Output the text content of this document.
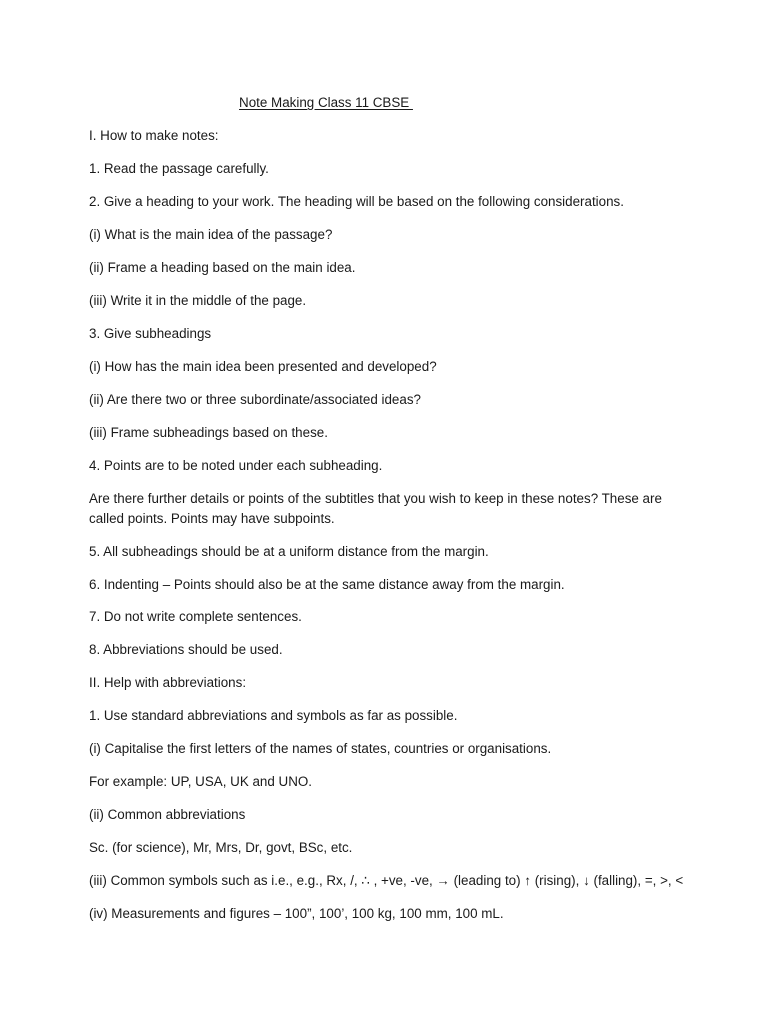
Note Making Class 11 CBSE
I. How to make notes:
1. Read the passage carefully.
2. Give a heading to your work. The heading will be based on the following considerations.
(i) What is the main idea of the passage?
(ii) Frame a heading based on the main idea.
(iii) Write it in the middle of the page.
3. Give subheadings
(i) How has the main idea been presented and developed?
(ii) Are there two or three subordinate/associated ideas?
(iii) Frame subheadings based on these.
4. Points are to be noted under each subheading.
Are there further details or points of the subtitles that you wish to keep in these notes? These are called points. Points may have subpoints.
5. All subheadings should be at a uniform distance from the margin.
6. Indenting – Points should also be at the same distance away from the margin.
7. Do not write complete sentences.
8. Abbreviations should be used.
II. Help with abbreviations:
1. Use standard abbreviations and symbols as far as possible.
(i) Capitalise the first letters of the names of states, countries or organisations.
For example: UP, USA, UK and UNO.
(ii) Common abbreviations
Sc. (for science), Mr, Mrs, Dr, govt, BSc, etc.
(iii) Common symbols such as i.e., e.g., Rx, /, ∴ , +ve, -ve, → (leading to) ↑ (rising), ↓ (falling), =, >, <
(iv) Measurements and figures – 100”, 100’, 100 kg, 100 mm, 100 mL.
